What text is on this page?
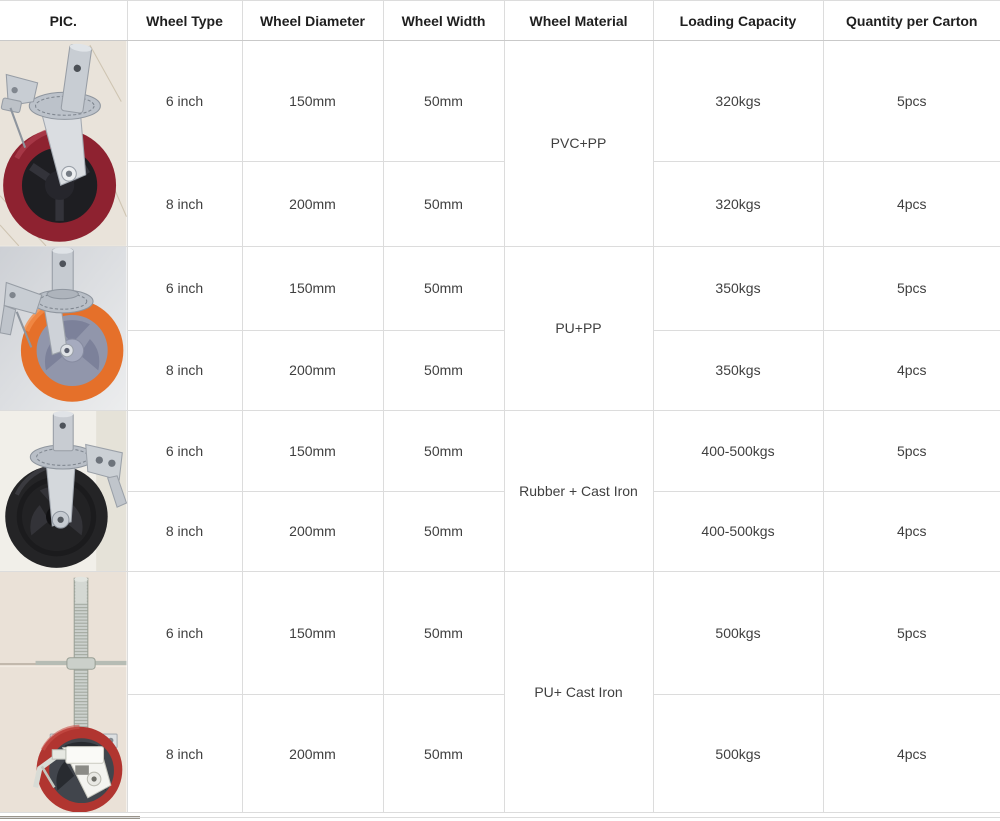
PIC.	Wheel Type	Wheel Diameter	Wheel Width	Wheel Material	Loading Capacity	Quantity per Carton

	6 inch	150mm	50mm	PVC+PP	320kgs	5pcs
	8 inch	200mm	50mm		320kgs	4pcs

	6 inch	150mm	50mm	PU+PP	350kgs	5pcs
	8 inch	200mm	50mm		350kgs	4pcs

	6 inch	150mm	50mm	Rubber + Cast Iron	400-500kgs	5pcs
	8 inch	200mm	50mm		400-500kgs	4pcs

	6 inch	150mm	50mm	PU+ Cast Iron	500kgs	5pcs
	8 inch	200mm	50mm		500kgs	4pcs
